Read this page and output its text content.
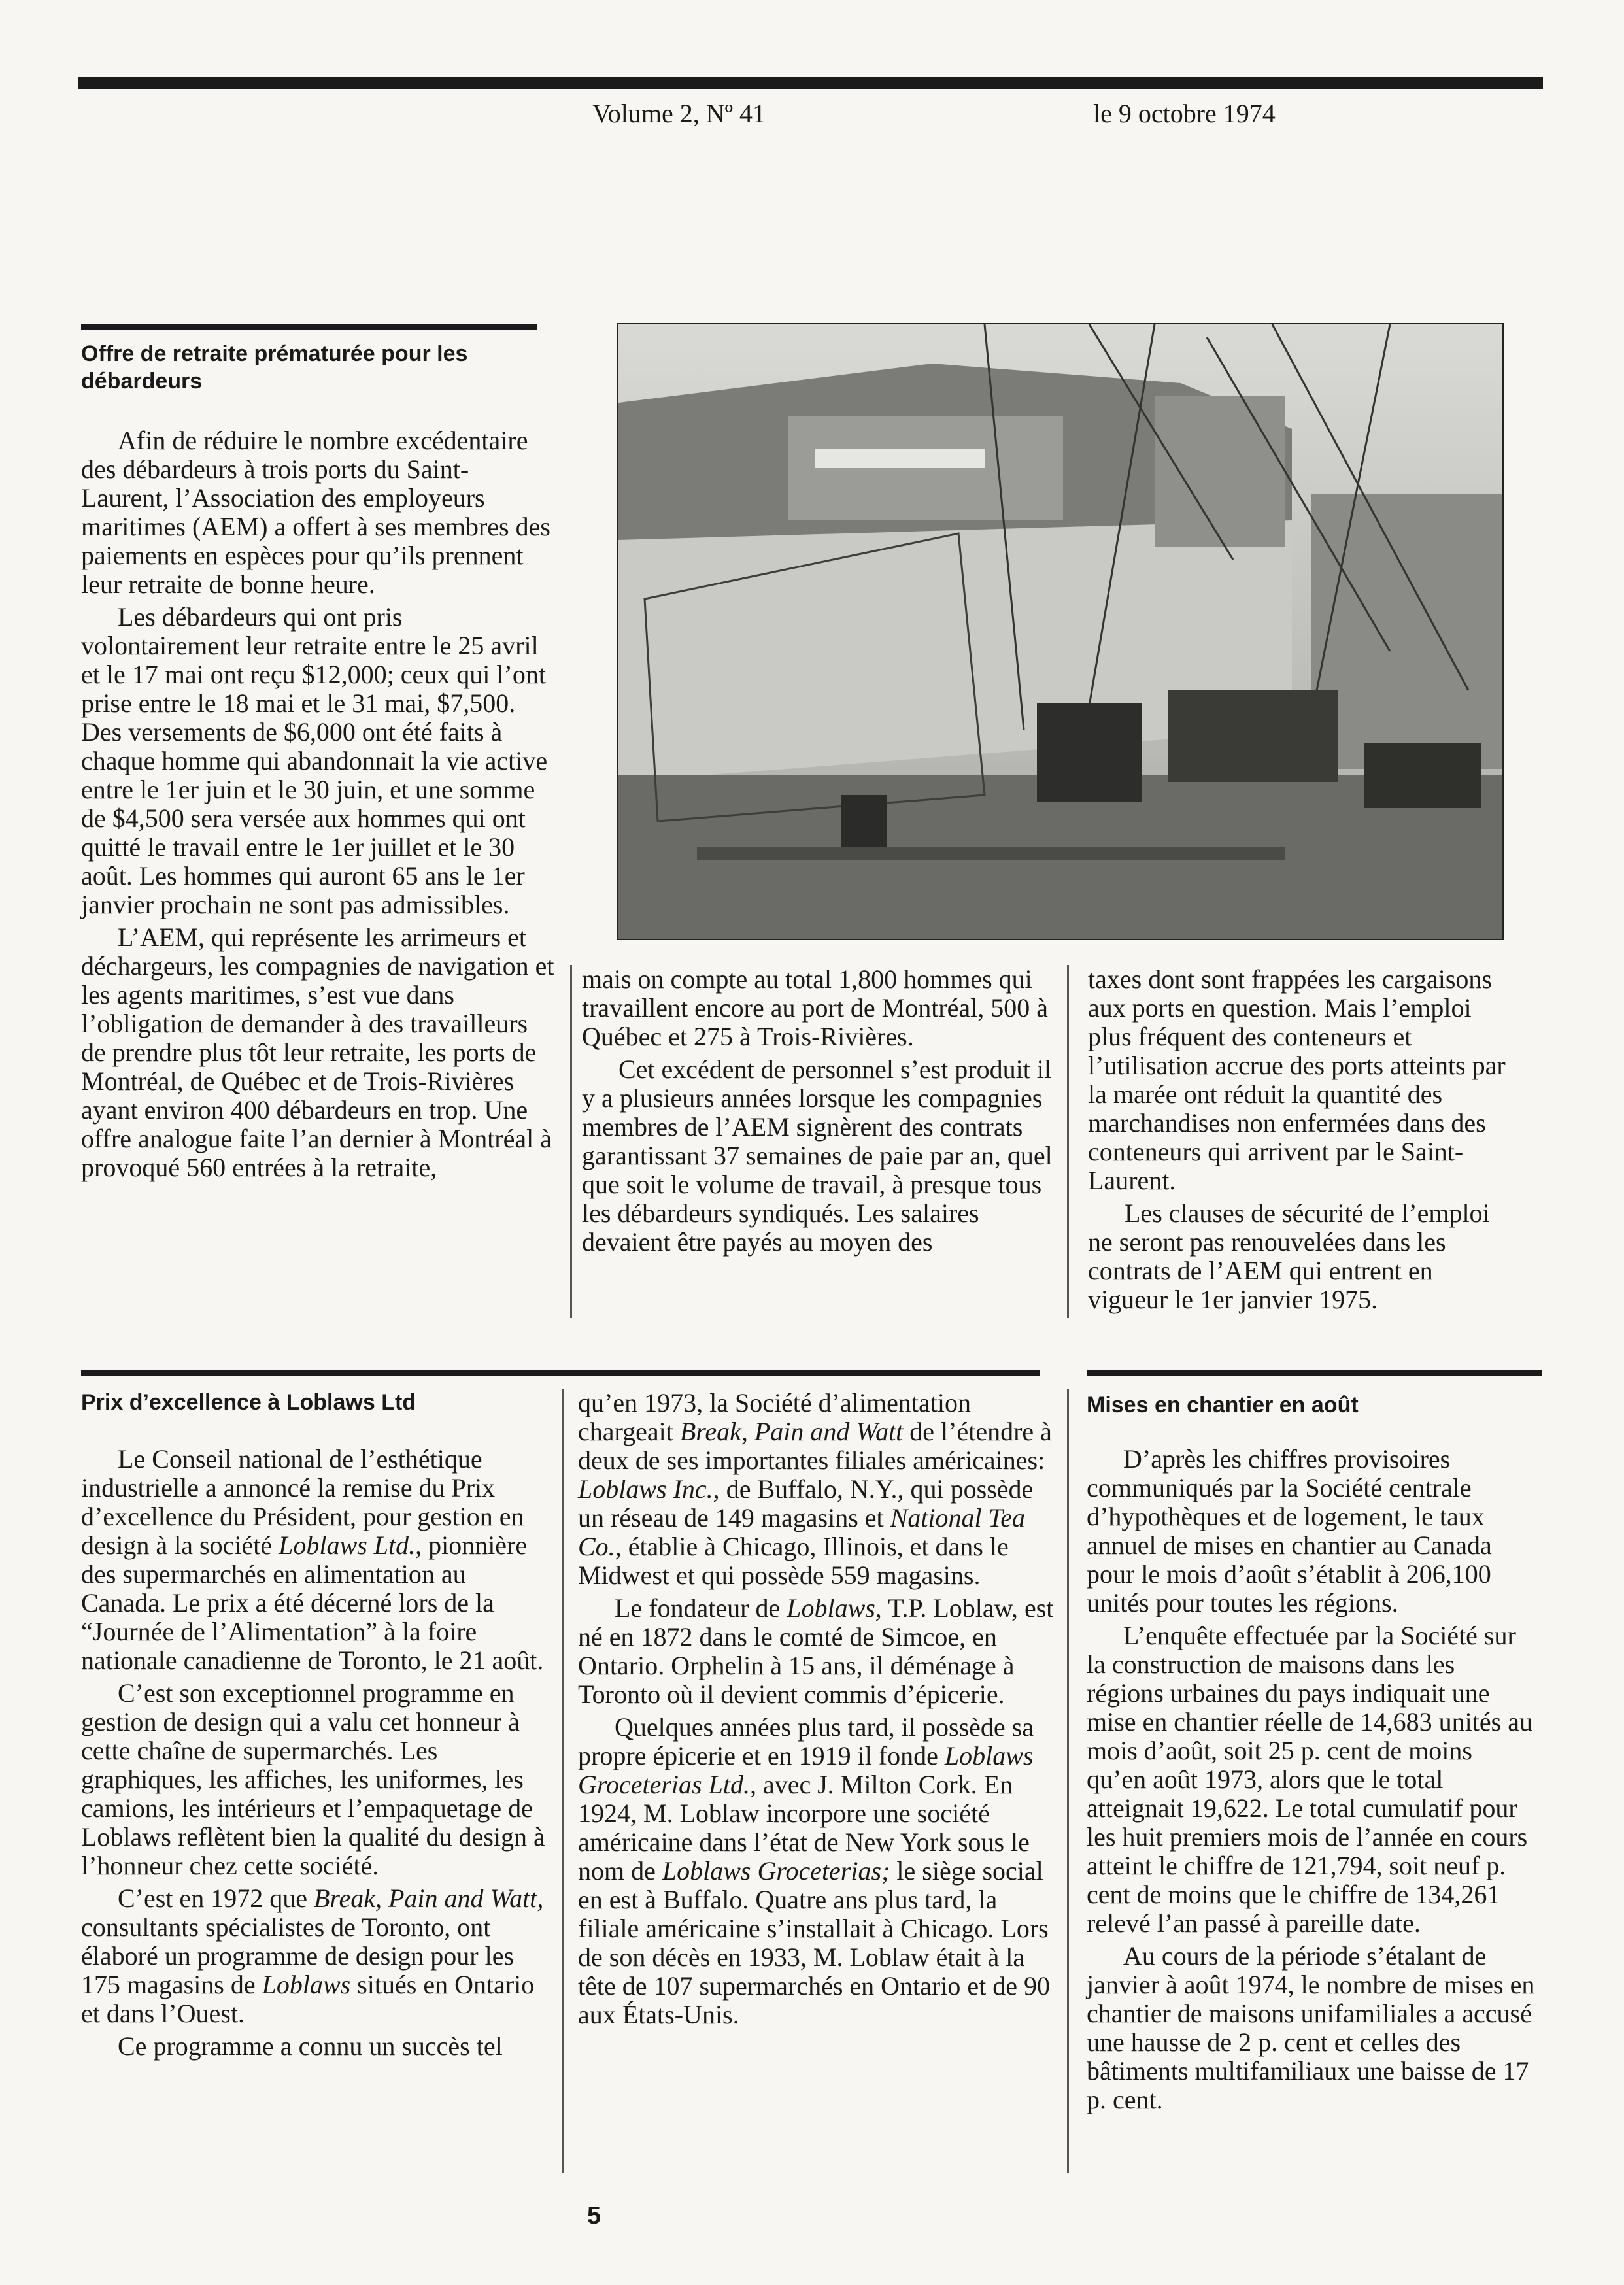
Volume 2, Nº 41	le 9 octobre 1974
Offre de retraite prématurée pour les débardeurs

Afin de réduire le nombre excédentaire des débardeurs à trois ports du Saint-Laurent, l’Association des employeurs maritimes (AEM) a offert à ses membres des paiements en espèces pour qu’ils prennent leur retraite de bonne heure.

Les débardeurs qui ont pris volontairement leur retraite entre le 25 avril et le 17 mai ont reçu $12,000; ceux qui l’ont prise entre le 18 mai et le 31 mai, $7,500. Des versements de $6,000 ont été faits à chaque homme qui abandonnait la vie active entre le 1er juin et le 30 juin, et une somme de $4,500 sera versée aux hommes qui ont quitté le travail entre le 1er juillet et le 30 août. Les hommes qui auront 65 ans le 1er janvier prochain ne sont pas admissibles.

L’AEM, qui représente les arrimeurs et déchargeurs, les compagnies de navigation et les agents maritimes, s’est vue dans l’obligation de demander à des travailleurs de prendre plus tôt leur retraite, les ports de Montréal, de Québec et de Trois-Rivières ayant environ 400 débardeurs en trop. Une offre analogue faite l’an dernier à Montréal à provoqué 560 entrées à la retraite,

mais on compte au total 1,800 hommes qui travaillent encore au port de Montréal, 500 à Québec et 275 à Trois-Rivières.

Cet excédent de personnel s’est produit il y a plusieurs années lorsque les compagnies membres de l’AEM signèrent des contrats garantissant 37 semaines de paie par an, quel que soit le volume de travail, à presque tous les débardeurs syndiqués. Les salaires devaient être payés au moyen des

taxes dont sont frappées les cargaisons aux ports en question. Mais l’emploi plus fréquent des conteneurs et l’utilisation accrue des ports atteints par la marée ont réduit la quantité des marchandises non enfermées dans des conteneurs qui arrivent par le Saint-Laurent.

Les clauses de sécurité de l’emploi ne seront pas renouvelées dans les contrats de l’AEM qui entrent en vigueur le 1er janvier 1975.

Prix d’excellence à Loblaws Ltd

Le Conseil national de l’esthétique industrielle a annoncé la remise du Prix d’excellence du Président, pour gestion en design à la société Loblaws Ltd., pionnière des supermarchés en alimentation au Canada. Le prix a été décerné lors de la “Journée de l’Alimentation” à la foire nationale canadienne de Toronto, le 21 août.

C’est son exceptionnel programme en gestion de design qui a valu cet honneur à cette chaîne de supermarchés. Les graphiques, les affiches, les uniformes, les camions, les intérieurs et l’empaquetage de Loblaws reflètent bien la qualité du design à l’honneur chez cette société.

C’est en 1972 que Break, Pain and Watt, consultants spécialistes de Toronto, ont élaboré un programme de design pour les 175 magasins de Loblaws situés en Ontario et dans l’Ouest.

Ce programme a connu un succès tel

qu’en 1973, la Société d’alimentation chargeait Break, Pain and Watt de l’étendre à deux de ses importantes filiales américaines: Loblaws Inc., de Buffalo, N.Y., qui possède un réseau de 149 magasins et National Tea Co., établie à Chicago, Illinois, et dans le Midwest et qui possède 559 magasins.

Le fondateur de Loblaws, T.P. Loblaw, est né en 1872 dans le comté de Simcoe, en Ontario. Orphelin à 15 ans, il déménage à Toronto où il devient commis d’épicerie.

Quelques années plus tard, il possède sa propre épicerie et en 1919 il fonde Loblaws Groceterias Ltd., avec J. Milton Cork. En 1924, M. Loblaw incorpore une société américaine dans l’état de New York sous le nom de Loblaws Groceterias; le siège social en est à Buffalo. Quatre ans plus tard, la filiale américaine s’installait à Chicago. Lors de son décès en 1933, M. Loblaw était à la tête de 107 supermarchés en Ontario et de 90 aux États-Unis.

Mises en chantier en août

D’après les chiffres provisoires communiqués par la Société centrale d’hypothèques et de logement, le taux annuel de mises en chantier au Canada pour le mois d’août s’établit à 206,100 unités pour toutes les régions.

L’enquête effectuée par la Société sur la construction de maisons dans les régions urbaines du pays indiquait une mise en chantier réelle de 14,683 unités au mois d’août, soit 25 p. cent de moins qu’en août 1973, alors que le total atteignait 19,622. Le total cumulatif pour les huit premiers mois de l’année en cours atteint le chiffre de 121,794, soit neuf p. cent de moins que le chiffre de 134,261 relevé l’an passé à pareille date.

Au cours de la période s’étalant de janvier à août 1974, le nombre de mises en chantier de maisons unifamiliales a accusé une hausse de 2 p. cent et celles des bâtiments multifamiliaux une baisse de 17 p. cent.

5
